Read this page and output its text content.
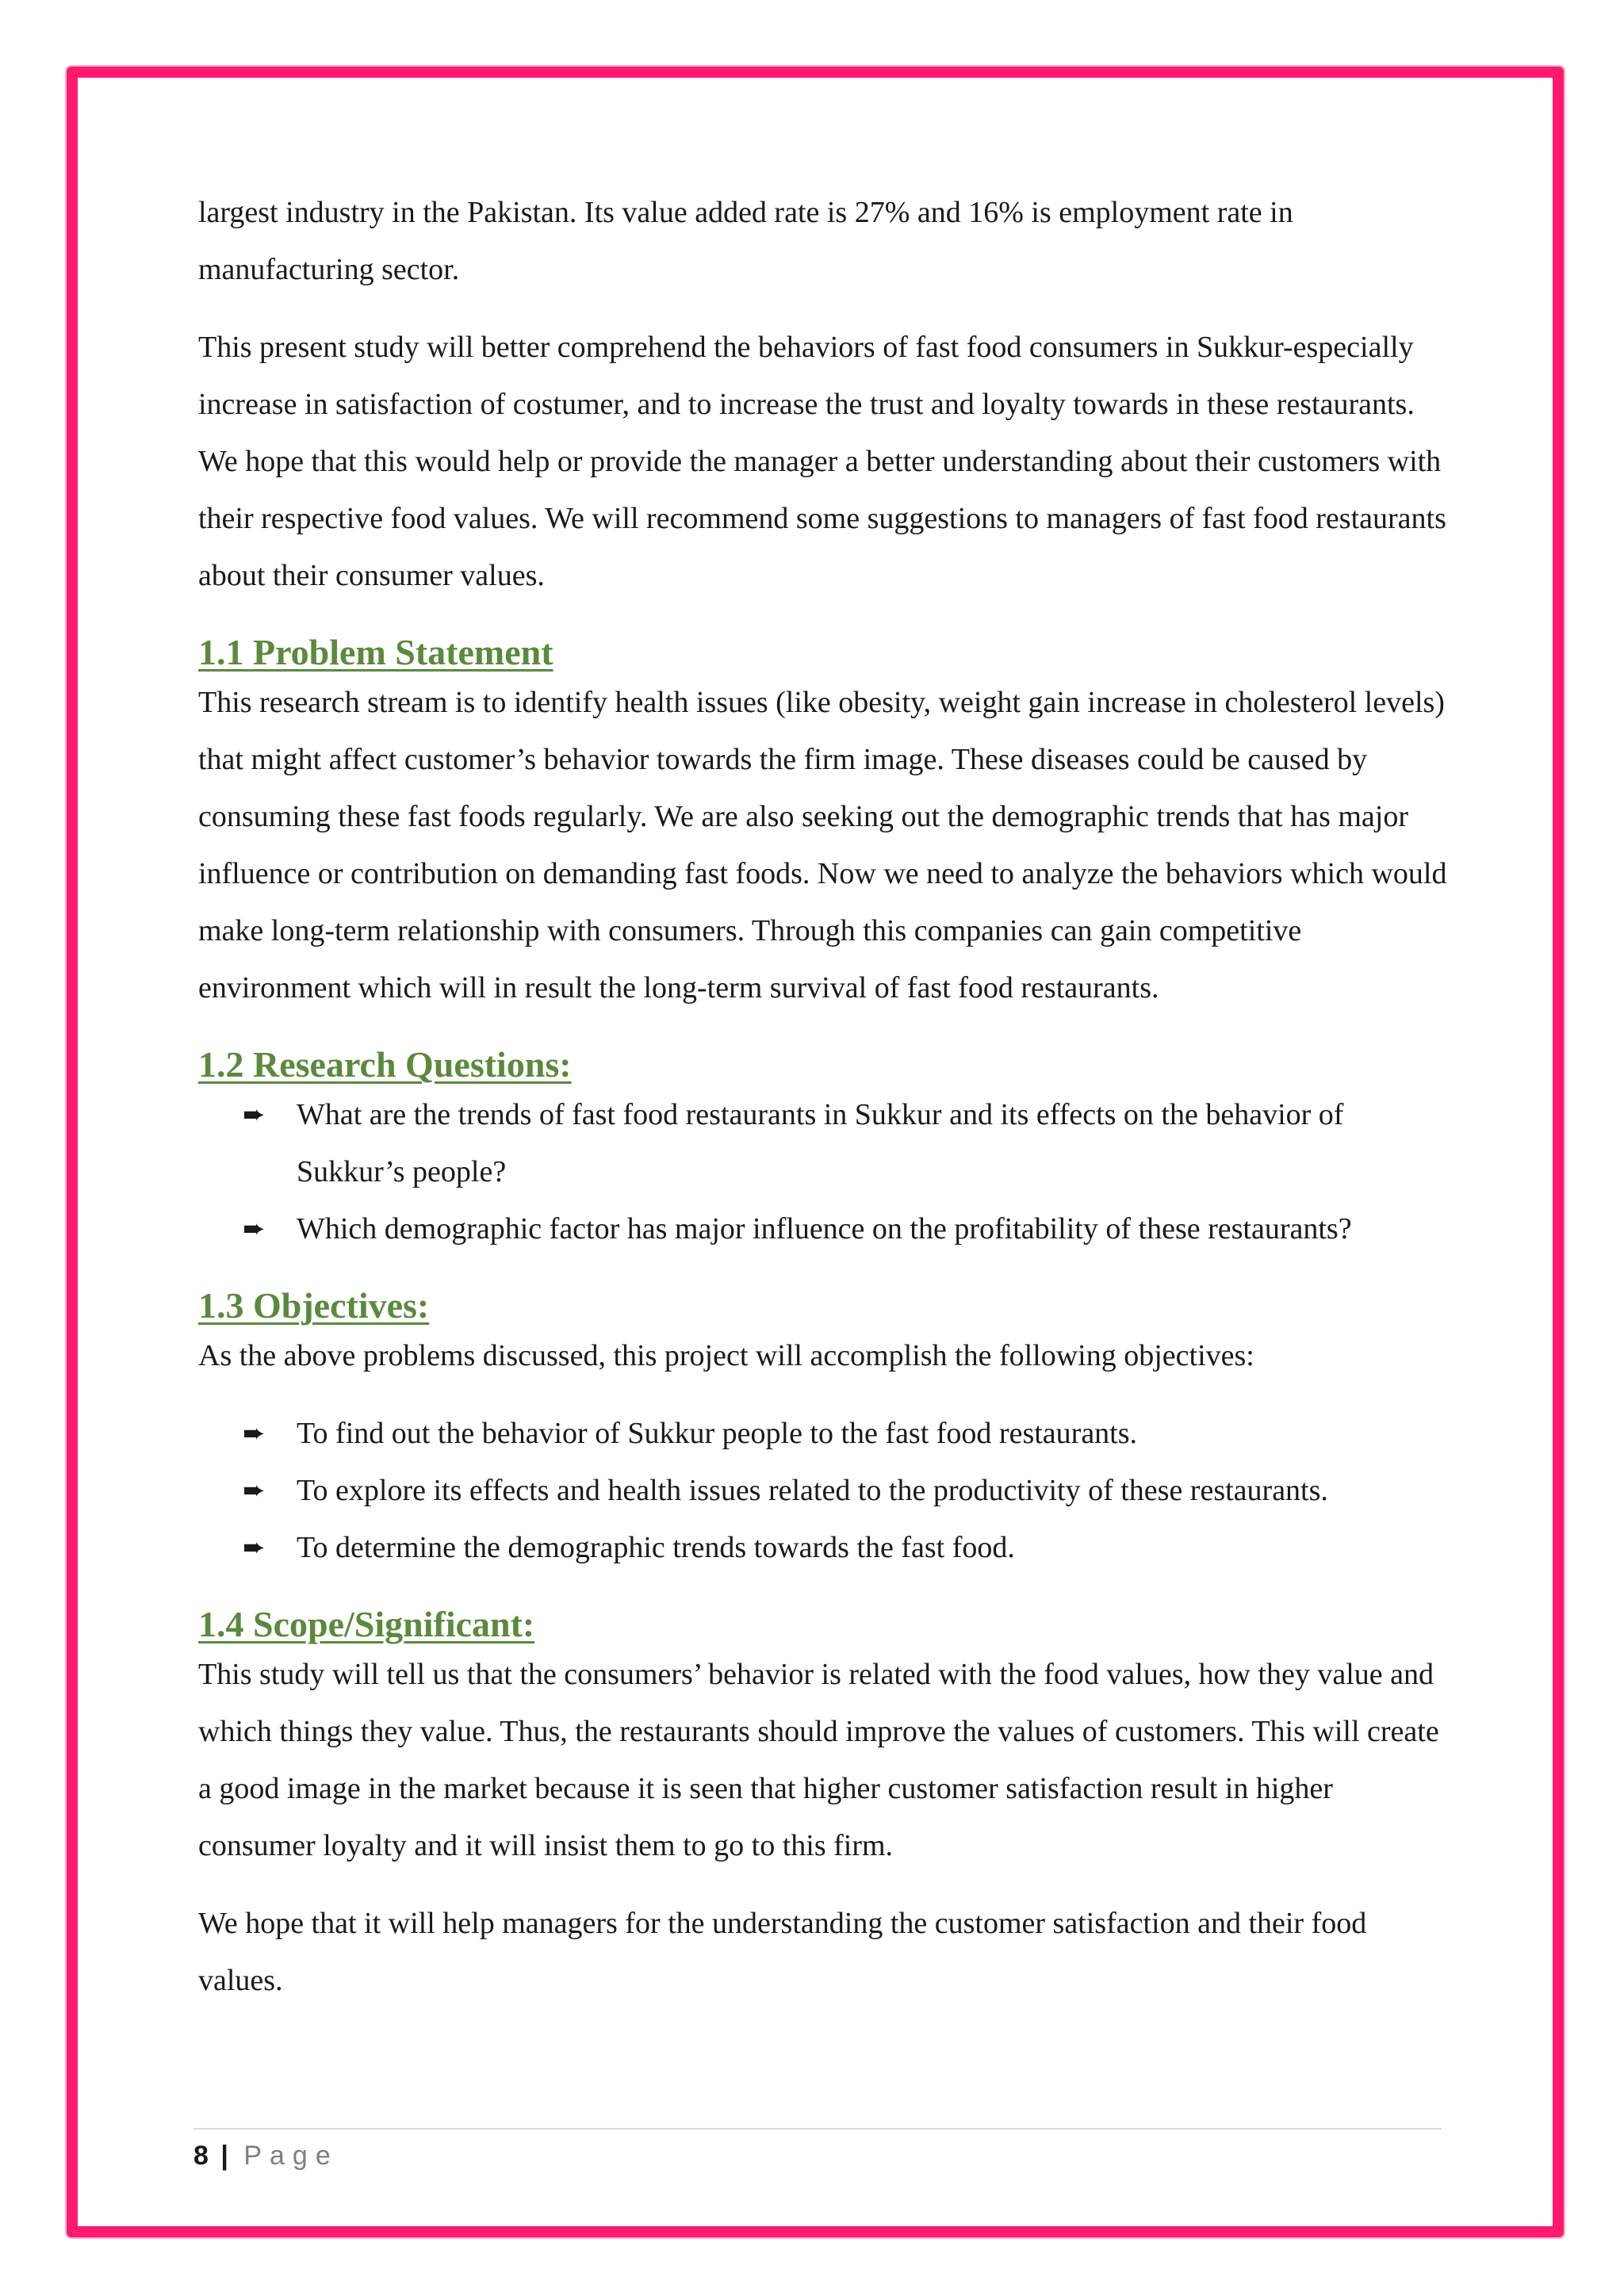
largest industry in the Pakistan. Its value added rate is 27% and 16% is employment rate in manufacturing sector.

This present study will better comprehend the behaviors of fast food consumers in Sukkur-especially increase in satisfaction of costumer, and to increase the trust and loyalty towards in these restaurants. We hope that this would help or provide the manager a better understanding about their customers with their respective food values. We will recommend some suggestions to managers of fast food restaurants about their consumer values.

1.1 Problem Statement

This research stream is to identify health issues (like obesity, weight gain increase in cholesterol levels) that might affect customer’s behavior towards the firm image. These diseases could be caused by consuming these fast foods regularly. We are also seeking out the demographic trends that has major influence or contribution on demanding fast foods. Now we need to analyze the behaviors which would make long-term relationship with consumers. Through this companies can gain competitive environment which will in result the long-term survival of fast food restaurants.

1.2 Research Questions:
➨ What are the trends of fast food restaurants in Sukkur and its effects on the behavior of Sukkur’s people?
➨ Which demographic factor has major influence on the profitability of these restaurants?
1.3 Objectives:

As the above problems discussed, this project will accomplish the following objectives:

➨ To find out the behavior of Sukkur people to the fast food restaurants.
➨ To explore its effects and health issues related to the productivity of these restaurants.
➨ To determine the demographic trends towards the fast food.
1.4 Scope/Significant:

This study will tell us that the consumers’ behavior is related with the food values, how they value and which things they value. Thus, the restaurants should improve the values of customers. This will create a good image in the market because it is seen that higher customer satisfaction result in higher consumer loyalty and it will insist them to go to this firm.

We hope that it will help managers for the understanding the customer satisfaction and their food values.

8 | Page
